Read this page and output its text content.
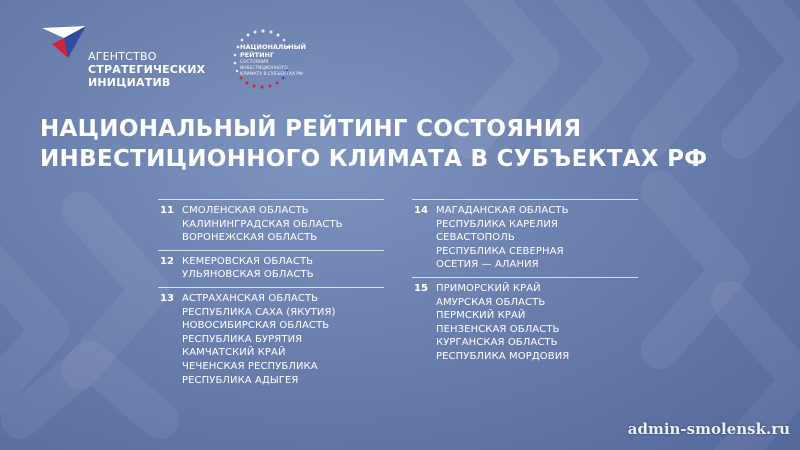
АГЕНТСТВО
СТРАТЕГИЧЕСКИХ
ИНИЦИАТИВ
НАЦИОНАЛЬНЫЙ
РЕЙТИНГ
СОСТОЯНИЯ
ИНВЕСТИЦИОННОГО
КЛИМАТА В СУБЪЕКТАХ РФ
НАЦИОНАЛЬНЫЙ РЕЙТИНГ СОСТОЯНИЯ
ИНВЕСТИЦИОННОГО КЛИМАТА В СУБЪЕКТАХ РФ
11 СМОЛЕНСКАЯ ОБЛАСТЬ
КАЛИНИНГРАДСКАЯ ОБЛАСТЬ
ВОРОНЕЖСКАЯ ОБЛАСТЬ
12 КЕМЕРОВСКАЯ ОБЛАСТЬ
УЛЬЯНОВСКАЯ ОБЛАСТЬ
13 АСТРАХАНСКАЯ ОБЛАСТЬ
РЕСПУБЛИКА САХА (ЯКУТИЯ)
НОВОСИБИРСКАЯ ОБЛАСТЬ
РЕСПУБЛИКА БУРЯТИЯ
КАМЧАТСКИЙ КРАЙ
ЧЕЧЕНСКАЯ РЕСПУБЛИКА
РЕСПУБЛИКА АДЫГЕЯ
14 МАГАДАНСКАЯ ОБЛАСТЬ
РЕСПУБЛИКА КАРЕЛИЯ
СЕВАСТОПОЛЬ
РЕСПУБЛИКА СЕВЕРНАЯ
ОСЕТИЯ — АЛАНИЯ
15 ПРИМОРСКИЙ КРАЙ
АМУРСКАЯ ОБЛАСТЬ
ПЕРМСКИЙ КРАЙ
ПЕНЗЕНСКАЯ ОБЛАСТЬ
КУРГАНСКАЯ ОБЛАСТЬ
РЕСПУБЛИКА МОРДОВИЯ
admin-smolensk.ru
